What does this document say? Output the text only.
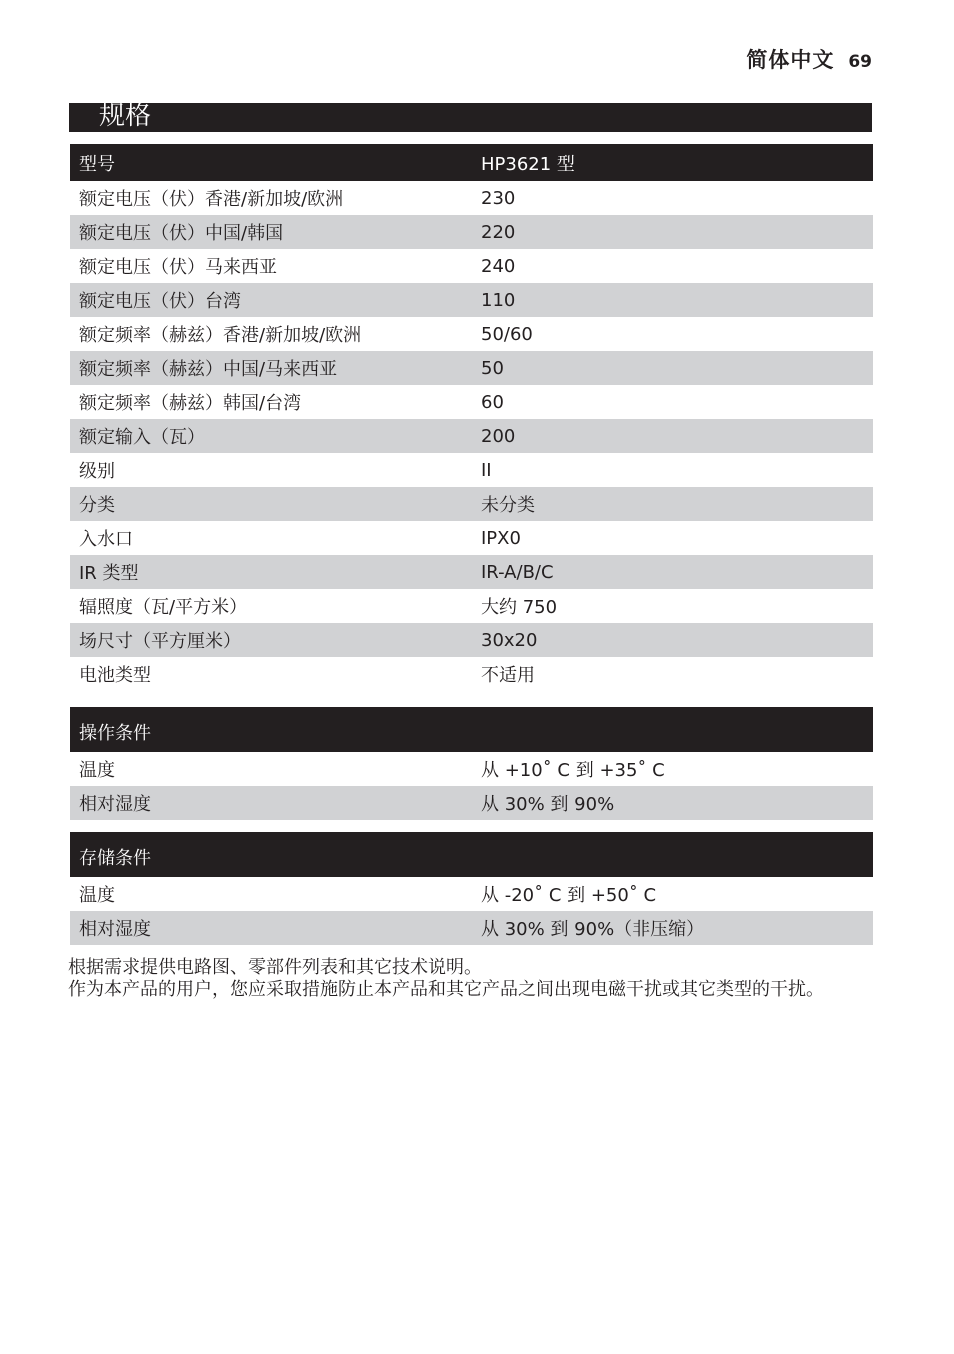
简体中文 69
规格
型号	HP3621 型
额定电压（伏）香港/新加坡/欧洲	230
额定电压（伏）中国/韩国	220
额定电压（伏）马来西亚	240
额定电压（伏）台湾	110
额定频率（赫兹）香港/新加坡/欧洲	50/60
额定频率（赫兹）中国/马来西亚	50
额定频率（赫兹）韩国/台湾	60
额定输入（瓦）	200
级别	II
分类	未分类
入水口	IPX0
IR 类型	IR-A/B/C
辐照度（瓦/平方米）	大约 750
场尺寸（平方厘米）	30x20
电池类型	不适用
操作条件	
温度	从 +10˚ C 到 +35˚ C
相对湿度	从 30% 到 90%
存储条件	
温度	从 -20˚ C 到 +50˚ C
相对湿度	从 30% 到 90%（非压缩）

根据需求提供电路图、零部件列表和其它技术说明。

作为本产品的用户，您应采取措施防止本产品和其它产品之间出现电磁干扰或其它类型的干扰。
